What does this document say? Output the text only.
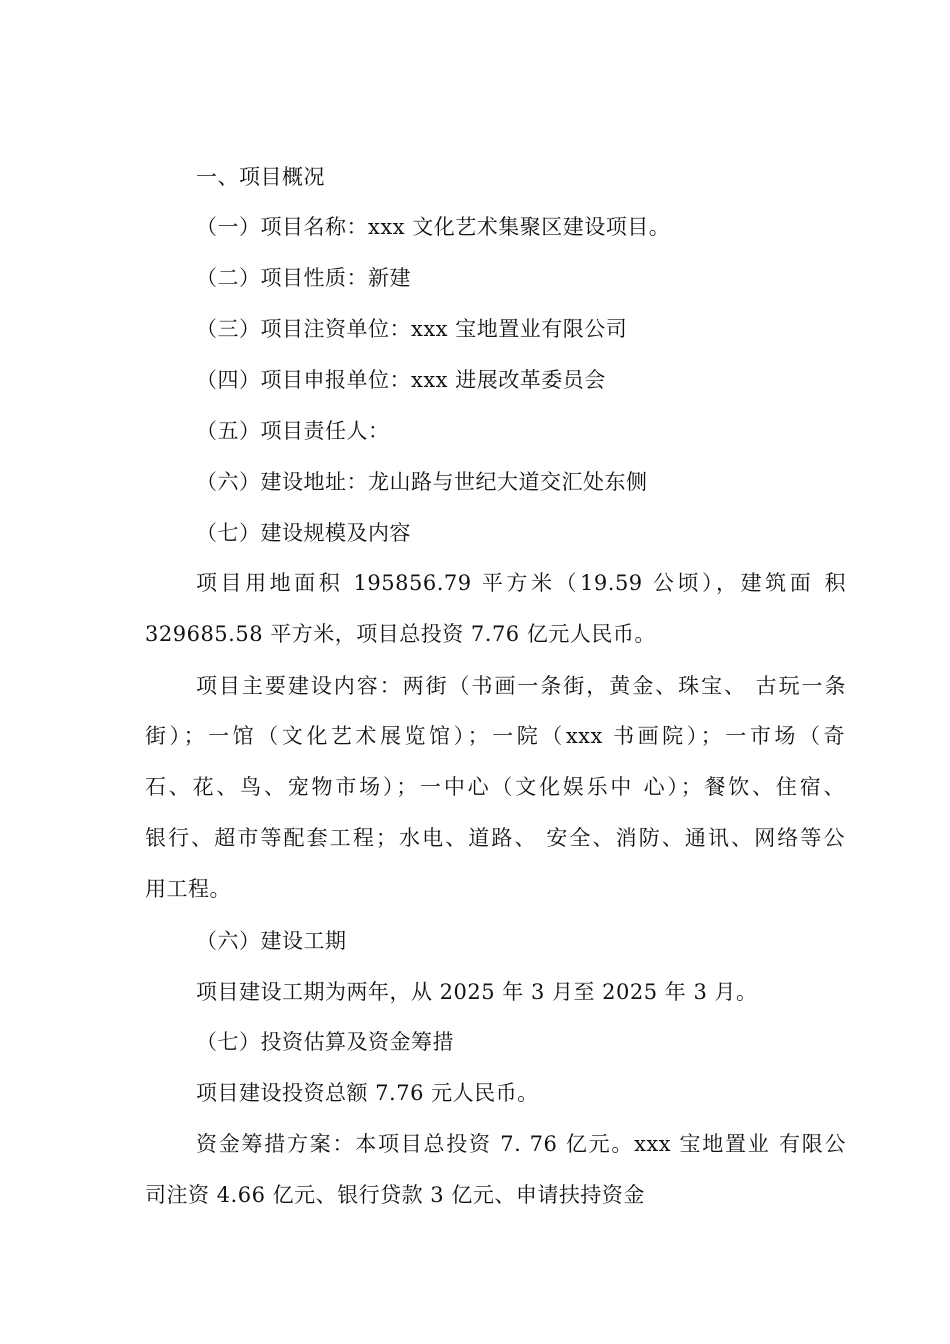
一、项目概况
（一）项目名称：xxx 文化艺术集聚区建设项目。
（二）项目性质：新建
（三）项目注资单位：xxx 宝地置业有限公司
（四）项目申报单位：xxx 进展改革委员会
（五）项目责任人：
（六）建设地址：龙山路与世纪大道交汇处东侧
（七）建设规模及内容
项目用地面积 195856.79 平方米（19.59 公顷），建筑面 积
329685.58 平方米，项目总投资 7.76 亿元人民币。
项目主要建设内容：两街（书画一条街，黄金、珠宝、 古玩一条
街）；一馆（文化艺术展览馆）；一院（xxx 书画院）；一市场（奇
石、花、鸟、宠物市场）；一中心（文化娱乐中 心）；餐饮、住宿、
银行、超市等配套工程；水电、道路、 安全、消防、通讯、网络等公
用工程。
（六）建设工期
项目建设工期为两年，从 2025 年 3 月至 2025 年 3 月。
（七）投资估算及资金筹措
项目建设投资总额 7.76 元人民币。
资金筹措方案：本项目总投资 7. 76 亿元。xxx 宝地置业 有限公
司注资 4.66 亿元、银行贷款 3 亿元、申请扶持资金
